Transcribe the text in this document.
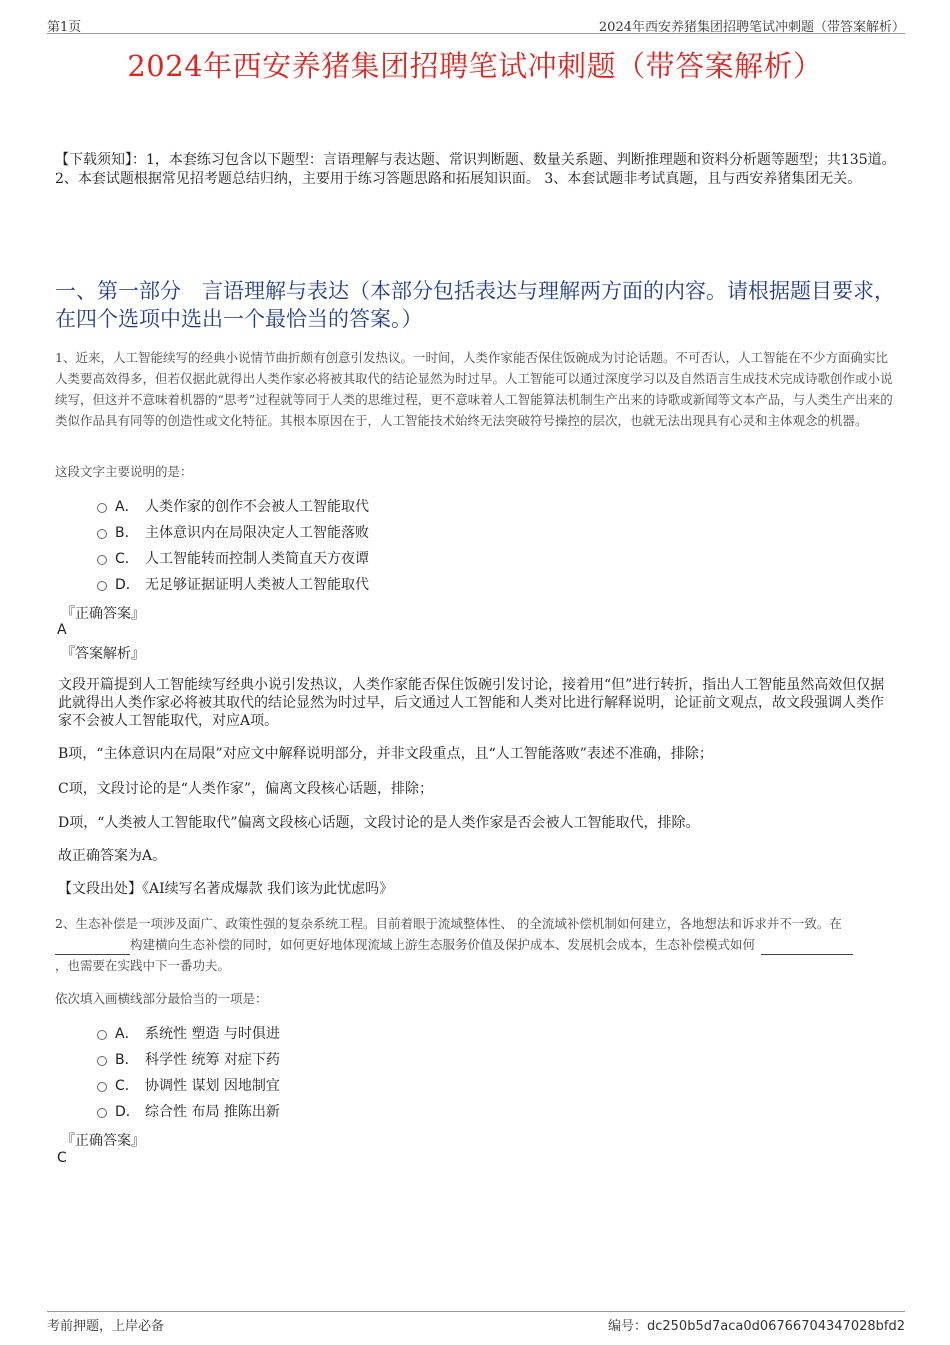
第1页	2024年西安养猪集团招聘笔试冲刺题（带答案解析）
2024年西安养猪集团招聘笔试冲刺题（带答案解析）
【下载须知】：1，本套练习包含以下题型：言语理解与表达题、常识判断题、数量关系题、判断推理题和资料分析题等题型；共135道。 2、本套试题根据常见招考题总结归纳，主要用于练习答题思路和拓展知识面。 3、本套试题非考试真题，且与西安养猪集团无关。
一、第一部分　言语理解与表达（本部分包括表达与理解两方面的内容。请根据题目要求，在四个选项中选出一个最恰当的答案。）
1、近来，人工智能续写的经典小说情节曲折颇有创意引发热议。一时间，人类作家能否保住饭碗成为讨论话题。不可否认，人工智能在不少方面确实比人类要高效得多，但若仅据此就得出人类作家必将被其取代的结论显然为时过早。人工智能可以通过深度学习以及自然语言生成技术完成诗歌创作或小说续写，但这并不意味着机器的“思考”过程就等同于人类的思维过程，更不意味着人工智能算法机制生产出来的诗歌或新闻等文本产品，与人类生产出来的类似作品具有同等的创造性或文化特征。其根本原因在于，人工智能技术始终无法突破符号操控的层次，也就无法出现具有心灵和主体观念的机器。
这段文字主要说明的是：
A． 人类作家的创作不会被人工智能取代
B． 主体意识内在局限决定人工智能落败
C． 人工智能转而控制人类简直天方夜谭
D． 无足够证据证明人类被人工智能取代
『正确答案』
A
『答案解析』
文段开篇提到人工智能续写经典小说引发热议，人类作家能否保住饭碗引发讨论，接着用“但”进行转折，指出人工智能虽然高效但仅据此就得出人类作家必将被其取代的结论显然为时过早，后文通过人工智能和人类对比进行解释说明，论证前文观点，故文段强调人类作家不会被人工智能取代，对应A项。
B项，“主体意识内在局限”对应文中解释说明部分，并非文段重点，且“人工智能落败”表述不准确，排除；
C项，文段讨论的是“人类作家”，偏离文段核心话题，排除；
D项，“人类被人工智能取代”偏离文段核心话题，文段讨论的是人类作家是否会被人工智能取代，排除。
故正确答案为A。
【文段出处】《AI续写名著成爆款 我们该为此忧虑吗》
2、生态补偿是一项涉及面广、政策性强的复杂系统工程。目前着眼于流域整体性、 的全流域补偿机制如何建立，各地想法和诉求并不一致。在
构建横向生态补偿的同时，如何更好地体现流域上游生态服务价值及保护成本、发展机会成本，生态补偿模式如何
，也需要在实践中下一番功夫。
依次填入画横线部分最恰当的一项是：
A． 系统性 塑造 与时俱进
B． 科学性 统筹 对症下药
C． 协调性 谋划 因地制宜
D． 综合性 布局 推陈出新
『正确答案』
C
考前押题，上岸必备	编号：dc250b5d7aca0d06766704347028bfd2
